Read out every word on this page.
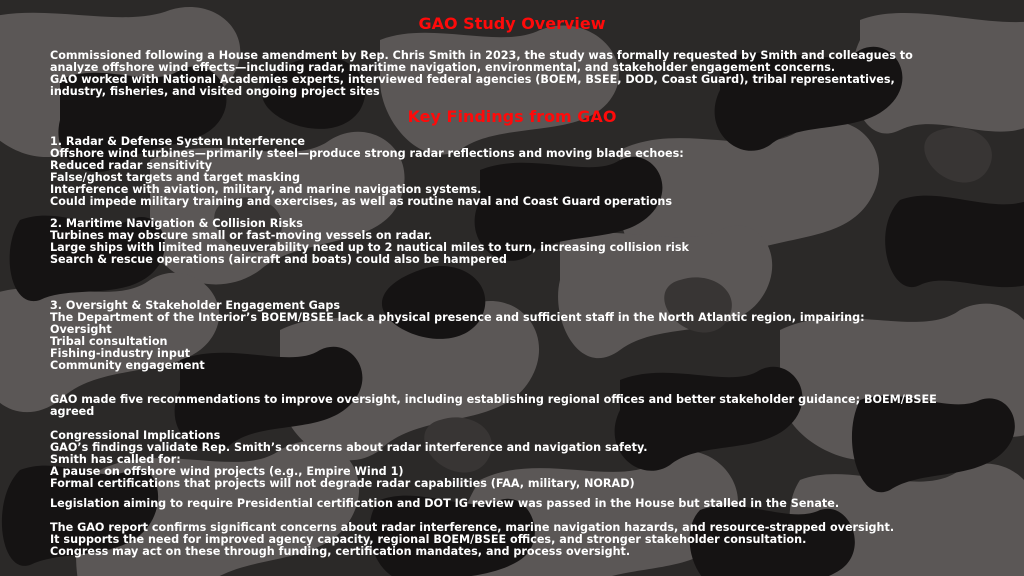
GAO Study Overview
Commissioned following a House amendment by Rep. Chris Smith in 2023, the study was formally requested by Smith and colleagues to
analyze offshore wind effects—including radar, maritime navigation, environmental, and stakeholder engagement concerns.
GAO worked with National Academies experts, interviewed federal agencies (BOEM, BSEE, DOD, Coast Guard), tribal representatives,
industry, fisheries, and visited ongoing project sites
Key Findings from GAO
1. Radar & Defense System Interference
Offshore wind turbines—primarily steel—produce strong radar reflections and moving blade echoes:
Reduced radar sensitivity
False/ghost targets and target masking
Interference with aviation, military, and marine navigation systems.
Could impede military training and exercises, as well as routine naval and Coast Guard operations
2. Maritime Navigation & Collision Risks
Turbines may obscure small or fast-moving vessels on radar.
Large ships with limited maneuverability need up to 2 nautical miles to turn, increasing collision risk
Search & rescue operations (aircraft and boats) could also be hampered
3. Oversight & Stakeholder Engagement Gaps
The Department of the Interior’s BOEM/BSEE lack a physical presence and sufficient staff in the North Atlantic region, impairing:
Oversight
Tribal consultation
Fishing-industry input
Community engagement
GAO made five recommendations to improve oversight, including establishing regional offices and better stakeholder guidance; BOEM/BSEE agreed
Congressional Implications
GAO’s findings validate Rep. Smith’s concerns about radar interference and navigation safety.
Smith has called for:
A pause on offshore wind projects (e.g., Empire Wind 1)
Formal certifications that projects will not degrade radar capabilities (FAA, military, NORAD)
Legislation aiming to require Presidential certification and DOT IG review was passed in the House but stalled in the Senate.
The GAO report confirms significant concerns about radar interference, marine navigation hazards, and resource-strapped oversight.
It supports the need for improved agency capacity, regional BOEM/BSEE offices, and stronger stakeholder consultation.
Congress may act on these through funding, certification mandates, and process oversight.
